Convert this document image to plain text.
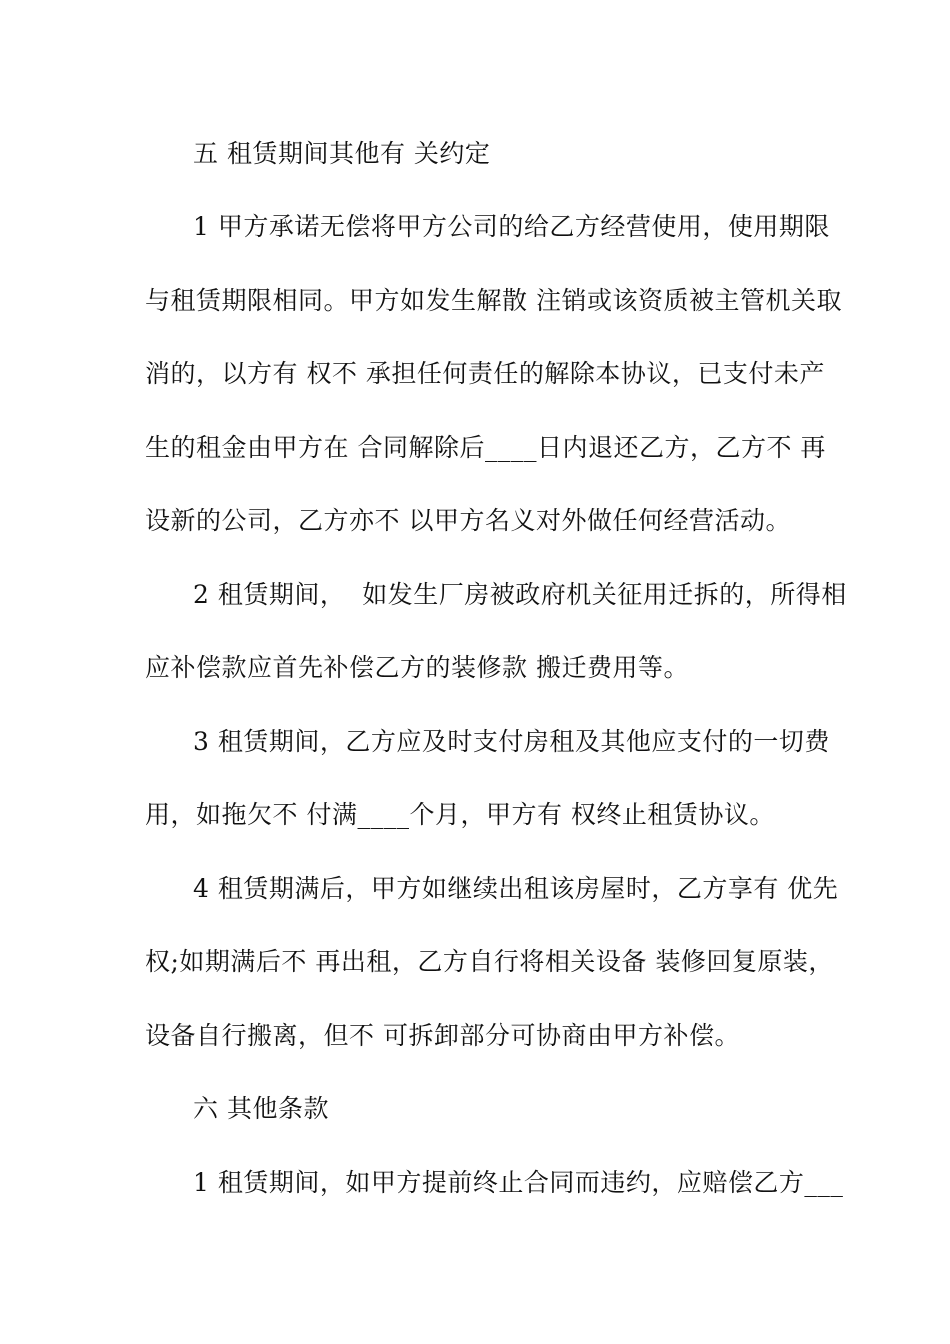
五 租赁期间其他有 关约定
1 甲方承诺无偿将甲方公司的给乙方经营使用，使用期限
与租赁期限相同。甲方如发生解散 注销或该资质被主管机关取
消的，以方有 权不 承担任何责任的解除本协议，已支付未产
生的租金由甲方在 合同解除后____日内退还乙方，乙方不 再
设新的公司，乙方亦不 以甲方名义对外做任何经营活动。
2 租赁期间，  如发生厂房被政府机关征用迁拆的，所得相
应补偿款应首先补偿乙方的装修款 搬迁费用等。
3 租赁期间，乙方应及时支付房租及其他应支付的一切费
用，如拖欠不 付满____个月，甲方有 权终止租赁协议。
4 租赁期满后，甲方如继续出租该房屋时，乙方享有 优先
权;如期满后不 再出租，乙方自行将相关设备 装修回复原装，
设备自行搬离，但不 可拆卸部分可协商由甲方补偿。
六 其他条款
1 租赁期间，如甲方提前终止合同而违约，应赔偿乙方___
